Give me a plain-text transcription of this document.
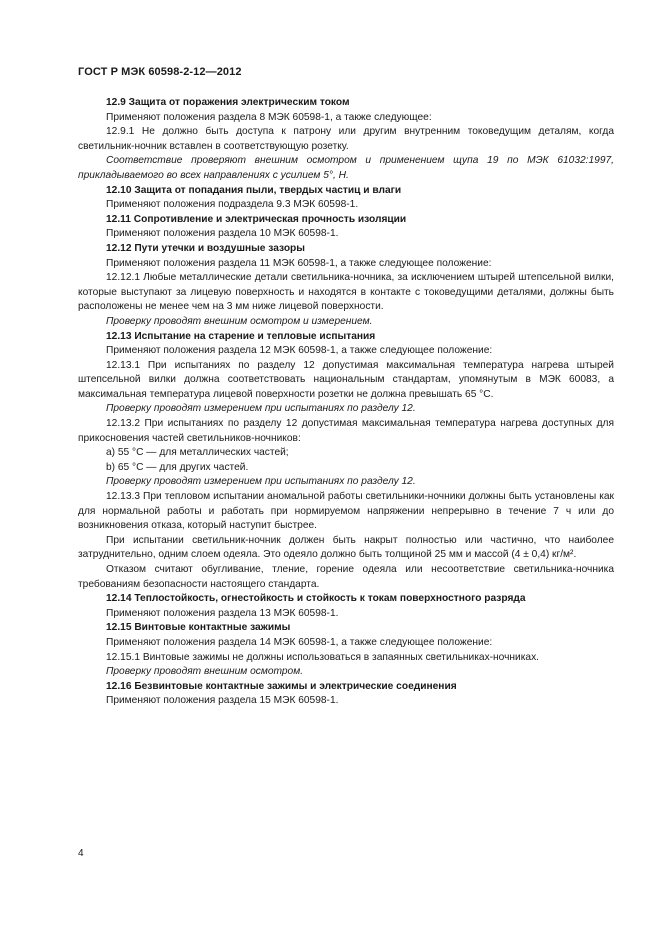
ГОСТ Р МЭК 60598-2-12—2012

12.9 Защита от поражения электрическим током

Применяют положения раздела 8 МЭК 60598-1, а также следующее:

12.9.1 Не должно быть доступа к патрону или другим внутренним токоведущим деталям, когда светильник-ночник вставлен в соответствующую розетку.

Соответствие проверяют внешним осмотром и применением щупа 19 по МЭК 61032:1997, прикладываемого во всех направлениях с усилием 5°, Н.

12.10 Защита от попадания пыли, твердых частиц и влаги

Применяют положения подраздела 9.3 МЭК 60598-1.

12.11 Сопротивление и электрическая прочность изоляции

Применяют положения раздела 10 МЭК 60598-1.

12.12 Пути утечки и воздушные зазоры

Применяют положения раздела 11 МЭК 60598-1, а также следующее положение:

12.12.1 Любые металлические детали светильника-ночника, за исключением штырей штепсельной вилки, которые выступают за лицевую поверхность и находятся в контакте с токоведущими деталями, должны быть расположены не менее чем на 3 мм ниже лицевой поверхности.

Проверку проводят внешним осмотром и измерением.

12.13 Испытание на старение и тепловые испытания

Применяют положения раздела 12 МЭК 60598-1, а также следующее положение:

12.13.1 При испытаниях по разделу 12 допустимая максимальная температура нагрева штырей штепсельной вилки должна соответствовать национальным стандартам, упомянутым в МЭК 60083, а максимальная температура лицевой поверхности розетки не должна превышать 65 °С.

Проверку проводят измерением при испытаниях по разделу 12.

12.13.2 При испытаниях по разделу 12 допустимая максимальная температура нагрева доступных для прикосновения частей светильников-ночников:

a) 55 °С — для металлических частей;

b) 65 °С — для других частей.

Проверку проводят измерением при испытаниях по разделу 12.

12.13.3 При тепловом испытании аномальной работы светильники-ночники должны быть установлены как для нормальной работы и работать при нормируемом напряжении непрерывно в течение 7 ч или до возникновения отказа, который наступит быстрее.

При испытании светильник-ночник должен быть накрыт полностью или частично, что наиболее затруднительно, одним слоем одеяла. Это одеяло должно быть толщиной 25 мм и массой (4 ± 0,4) кг/м².

Отказом считают обугливание, тление, горение одеяла или несоответствие светильника-ночника требованиям безопасности настоящего стандарта.

12.14 Теплостойкость, огнестойкость и стойкость к токам поверхностного разряда

Применяют положения раздела 13 МЭК 60598-1.

12.15 Винтовые контактные зажимы

Применяют положения раздела 14 МЭК 60598-1, а также следующее положение:

12.15.1 Винтовые зажимы не должны использоваться в запаянных светильниках-ночниках.

Проверку проводят внешним осмотром.

12.16 Безвинтовые контактные зажимы и электрические соединения

Применяют положения раздела 15 МЭК 60598-1.

4
